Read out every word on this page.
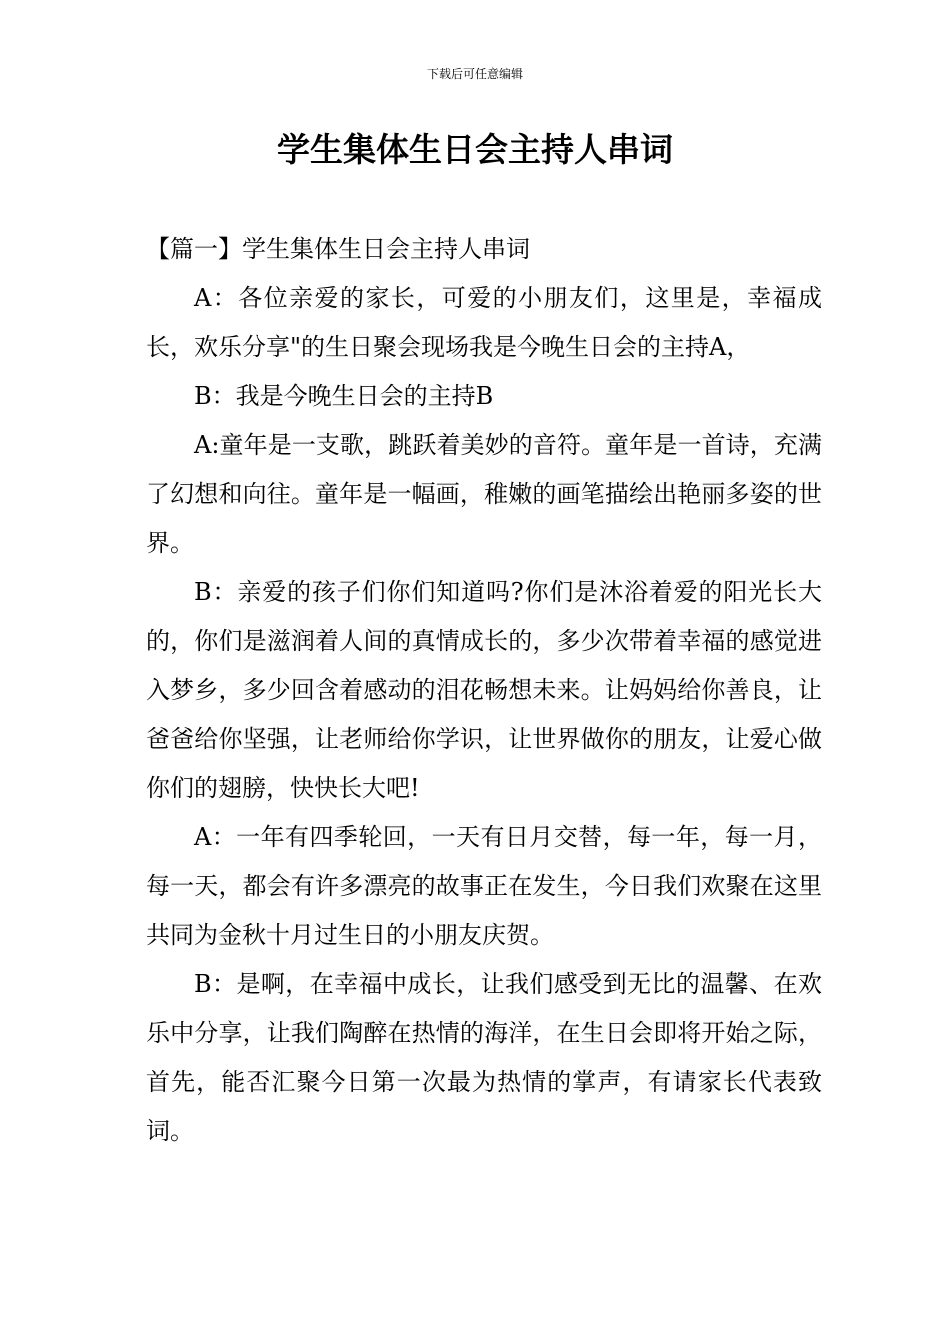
下载后可任意编辑
学生集体生日会主持人串词
【篇一】学生集体生日会主持人串词

A：各位亲爱的家长，可爱的小朋友们，这里是，幸福成长，欢乐分享"的生日聚会现场我是今晚生日会的主持A，

B：我是今晚生日会的主持B

A:童年是一支歌，跳跃着美妙的音符。童年是一首诗，充满了幻想和向往。童年是一幅画，稚嫩的画笔描绘出艳丽多姿的世界。

B：亲爱的孩子们你们知道吗?你们是沐浴着爱的阳光长大的，你们是滋润着人间的真情成长的，多少次带着幸福的感觉进入梦乡，多少回含着感动的泪花畅想未来。让妈妈给你善良，让爸爸给你坚强，让老师给你学识，让世界做你的朋友，让爱心做你们的翅膀，快快长大吧!

A：一年有四季轮回，一天有日月交替，每一年，每一月，每一天，都会有许多漂亮的故事正在发生，今日我们欢聚在这里共同为金秋十月过生日的小朋友庆贺。

B：是啊，在幸福中成长，让我们感受到无比的温馨、在欢乐中分享，让我们陶醉在热情的海洋，在生日会即将开始之际，首先，能否汇聚今日第一次最为热情的掌声，有请家长代表致词。
